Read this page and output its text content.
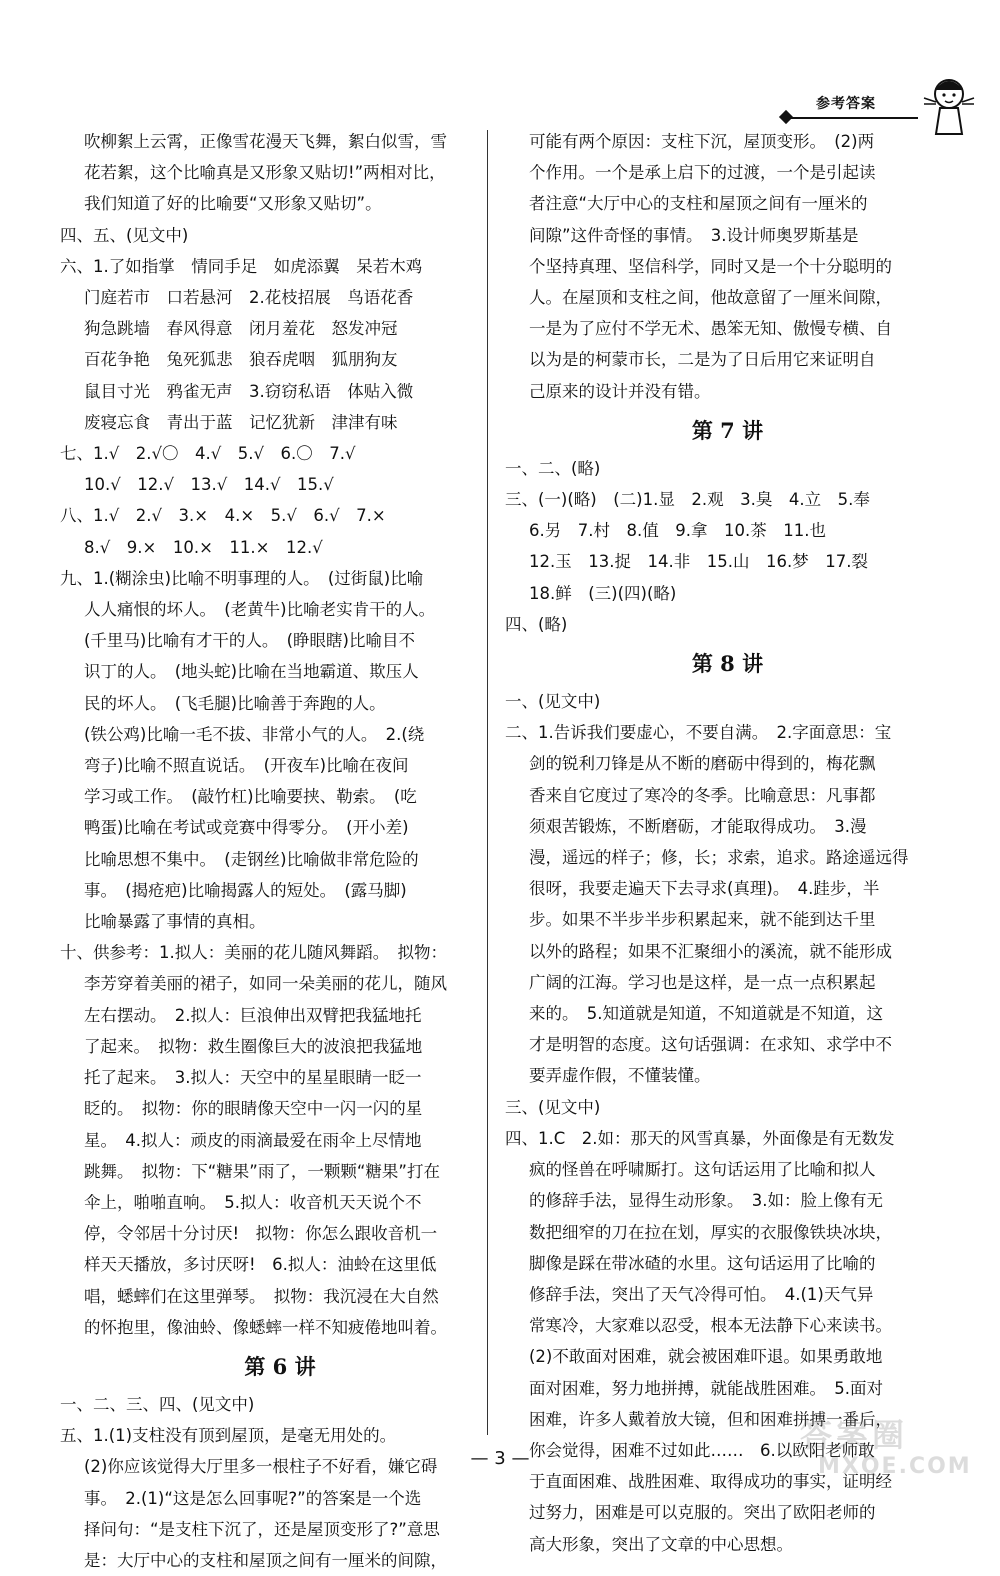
参考答案
吹柳絮上云霄，正像雪花漫天飞舞，絮白似雪，雪
花若絮，这个比喻真是又形象又贴切!”两相对比，
我们知道了好的比喻要“又形象又贴切”。
四、五、(见文中)
六、1.了如指掌　情同手足　如虎添翼　呆若木鸡
门庭若市　口若悬河　2.花枝招展　鸟语花香
狗急跳墙　春风得意　闭月羞花　怒发冲冠
百花争艳　兔死狐悲　狼吞虎咽　狐朋狗友
鼠目寸光　鸦雀无声　3.窃窃私语　体贴入微
废寝忘食　青出于蓝　记忆犹新　津津有味
七、1.√　2.√〇　4.√　5.√　6.〇　7.√
10.√　12.√　13.√　14.√　15.√
八、1.√　2.√　3.×　4.×　5.√　6.√　7.×
8.√　9.×　10.×　11.×　12.√
九、1.(糊涂虫)比喻不明事理的人。　(过街鼠)比喻
人人痛恨的坏人。　(老黄牛)比喻老实肯干的人。
(千里马)比喻有才干的人。　(睁眼瞎)比喻目不
识丁的人。　(地头蛇)比喻在当地霸道、欺压人
民的坏人。　(飞毛腿)比喻善于奔跑的人。
(铁公鸡)比喻一毛不拔、非常小气的人。　2.(绕
弯子)比喻不照直说话。　(开夜车)比喻在夜间
学习或工作。　(敲竹杠)比喻要挟、勒索。　(吃
鸭蛋)比喻在考试或竞赛中得零分。　(开小差)
比喻思想不集中。　(走钢丝)比喻做非常危险的
事。　(揭疮疤)比喻揭露人的短处。　(露马脚)
比喻暴露了事情的真相。
十、供参考：1.拟人：美丽的花儿随风舞蹈。　拟物：
李芳穿着美丽的裙子，如同一朵美丽的花儿，随风
左右摆动。　2.拟人：巨浪伸出双臂把我猛地托
了起来。　拟物：救生圈像巨大的波浪把我猛地
托了起来。　3.拟人：天空中的星星眼睛一眨一
眨的。　拟物：你的眼睛像天空中一闪一闪的星
星。　4.拟人：顽皮的雨滴最爱在雨伞上尽情地
跳舞。　拟物：下“糖果”雨了，一颗颗“糖果”打在
伞上，啪啪直响。　5.拟人：收音机天天说个不
停，令邻居十分讨厌!　拟物：你怎么跟收音机一
样天天播放，多讨厌呀!　6.拟人：油蛉在这里低
唱，蟋蟀们在这里弹琴。　拟物：我沉浸在大自然
的怀抱里，像油蛉、像蟋蟀一样不知疲倦地叫着。
第 6 讲
一、二、三、四、(见文中)
五、1.(1)支柱没有顶到屋顶，是毫无用处的。
(2)你应该觉得大厅里多一根柱子不好看，嫌它碍
事。　2.(1)“这是怎么回事呢?”的答案是一个选
择问句：“是支柱下沉了，还是屋顶变形了?”意思
是：大厅中心的支柱和屋顶之间有一厘米的间隙，
可能有两个原因：支柱下沉，屋顶变形。　(2)两
个作用。一个是承上启下的过渡，一个是引起读
者注意“大厅中心的支柱和屋顶之间有一厘米的
间隙”这件奇怪的事情。　3.设计师奥罗斯基是
个坚持真理、坚信科学，同时又是一个十分聪明的
人。在屋顶和支柱之间，他故意留了一厘米间隙，
一是为了应付不学无术、愚笨无知、傲慢专横、自
以为是的柯蒙市长，二是为了日后用它来证明自
己原来的设计并没有错。
第 7 讲
一、二、(略)
三、(一)(略)　(二)1.显　2.观　3.臭　4.立　5.奉
6.另　7.村　8.值　9.拿　10.茶　11.也
12.玉　13.捉　14.非　15.山　16.梦　17.裂
18.鲜　(三)(四)(略)
四、(略)
第 8 讲
一、(见文中)
二、1.告诉我们要虚心，不要自满。　2.字面意思：宝
剑的锐利刀锋是从不断的磨砺中得到的，梅花飘
香来自它度过了寒冷的冬季。比喻意思：凡事都
须艰苦锻炼，不断磨砺，才能取得成功。　3.漫
漫，遥远的样子；修，长；求索，追求。路途遥远得
很呀，我要走遍天下去寻求(真理)。　4.跬步，半
步。如果不半步半步积累起来，就不能到达千里
以外的路程；如果不汇聚细小的溪流，就不能形成
广阔的江海。学习也是这样，是一点一点积累起
来的。　5.知道就是知道，不知道就是不知道，这
才是明智的态度。这句话强调：在求知、求学中不
要弄虚作假，不懂装懂。
三、(见文中)
四、1.C　2.如：那天的风雪真暴，外面像是有无数发
疯的怪兽在呼啸厮打。这句话运用了比喻和拟人
的修辞手法，显得生动形象。　3.如：脸上像有无
数把细窄的刀在拉在划，厚实的衣服像铁块冰块，
脚像是踩在带冰碴的水里。这句话运用了比喻的
修辞手法，突出了天气冷得可怕。　4.(1)天气异
常寒冷，大家难以忍受，根本无法静下心来读书。
(2)不敢面对困难，就会被困难吓退。如果勇敢地
面对困难，努力地拼搏，就能战胜困难。　5.面对
困难，许多人戴着放大镜，但和困难拼搏一番后，
你会觉得，困难不过如此……　6.以欧阳老师敢
于直面困难、战胜困难、取得成功的事实，证明经
过努力，困难是可以克服的。突出了欧阳老师的
高大形象，突出了文章的中心思想。
— 3 —
答案圈
MXQE.COM
